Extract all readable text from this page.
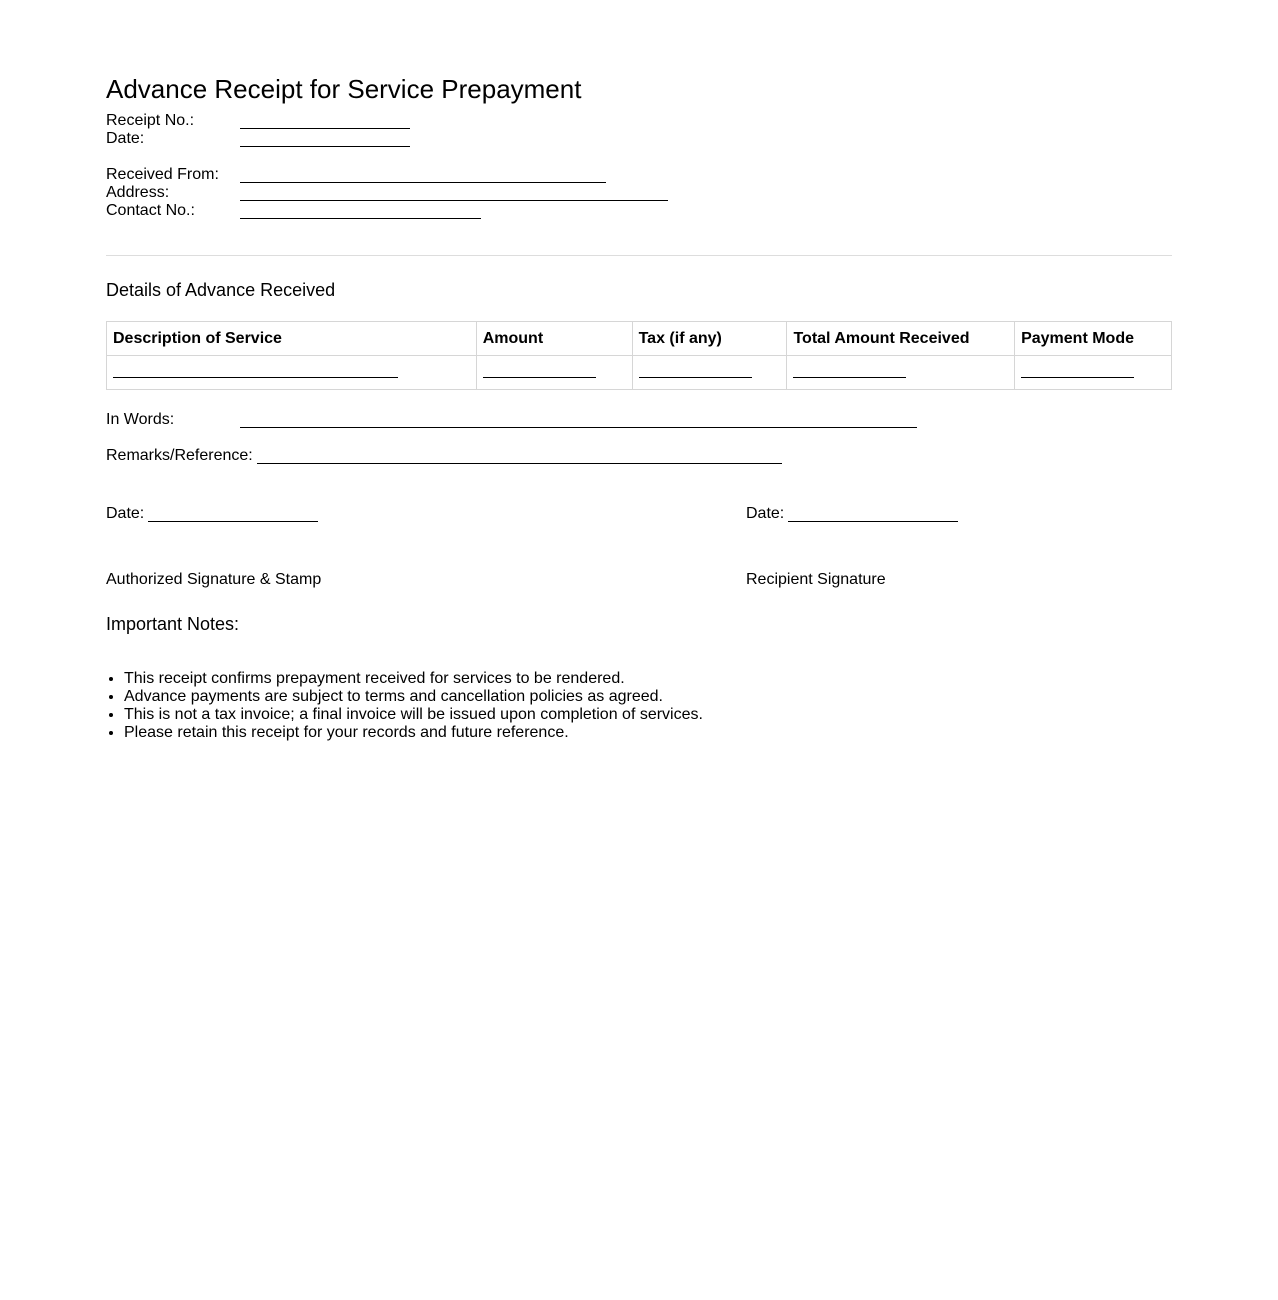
Advance Receipt for Service Prepayment
Receipt No.:
Date:
Received From:
Address:
Contact No.:
Details of Advance Received
Description of Service	Amount	Tax (if any)	Total Amount Received	Payment Mode

In Words:
Remarks/Reference:
Date:	Date:
Authorized Signature & Stamp	Recipient Signature
Important Notes:
• This receipt confirms prepayment received for services to be rendered.
• Advance payments are subject to terms and cancellation policies as agreed.
• This is not a tax invoice; a final invoice will be issued upon completion of services.
• Please retain this receipt for your records and future reference.
